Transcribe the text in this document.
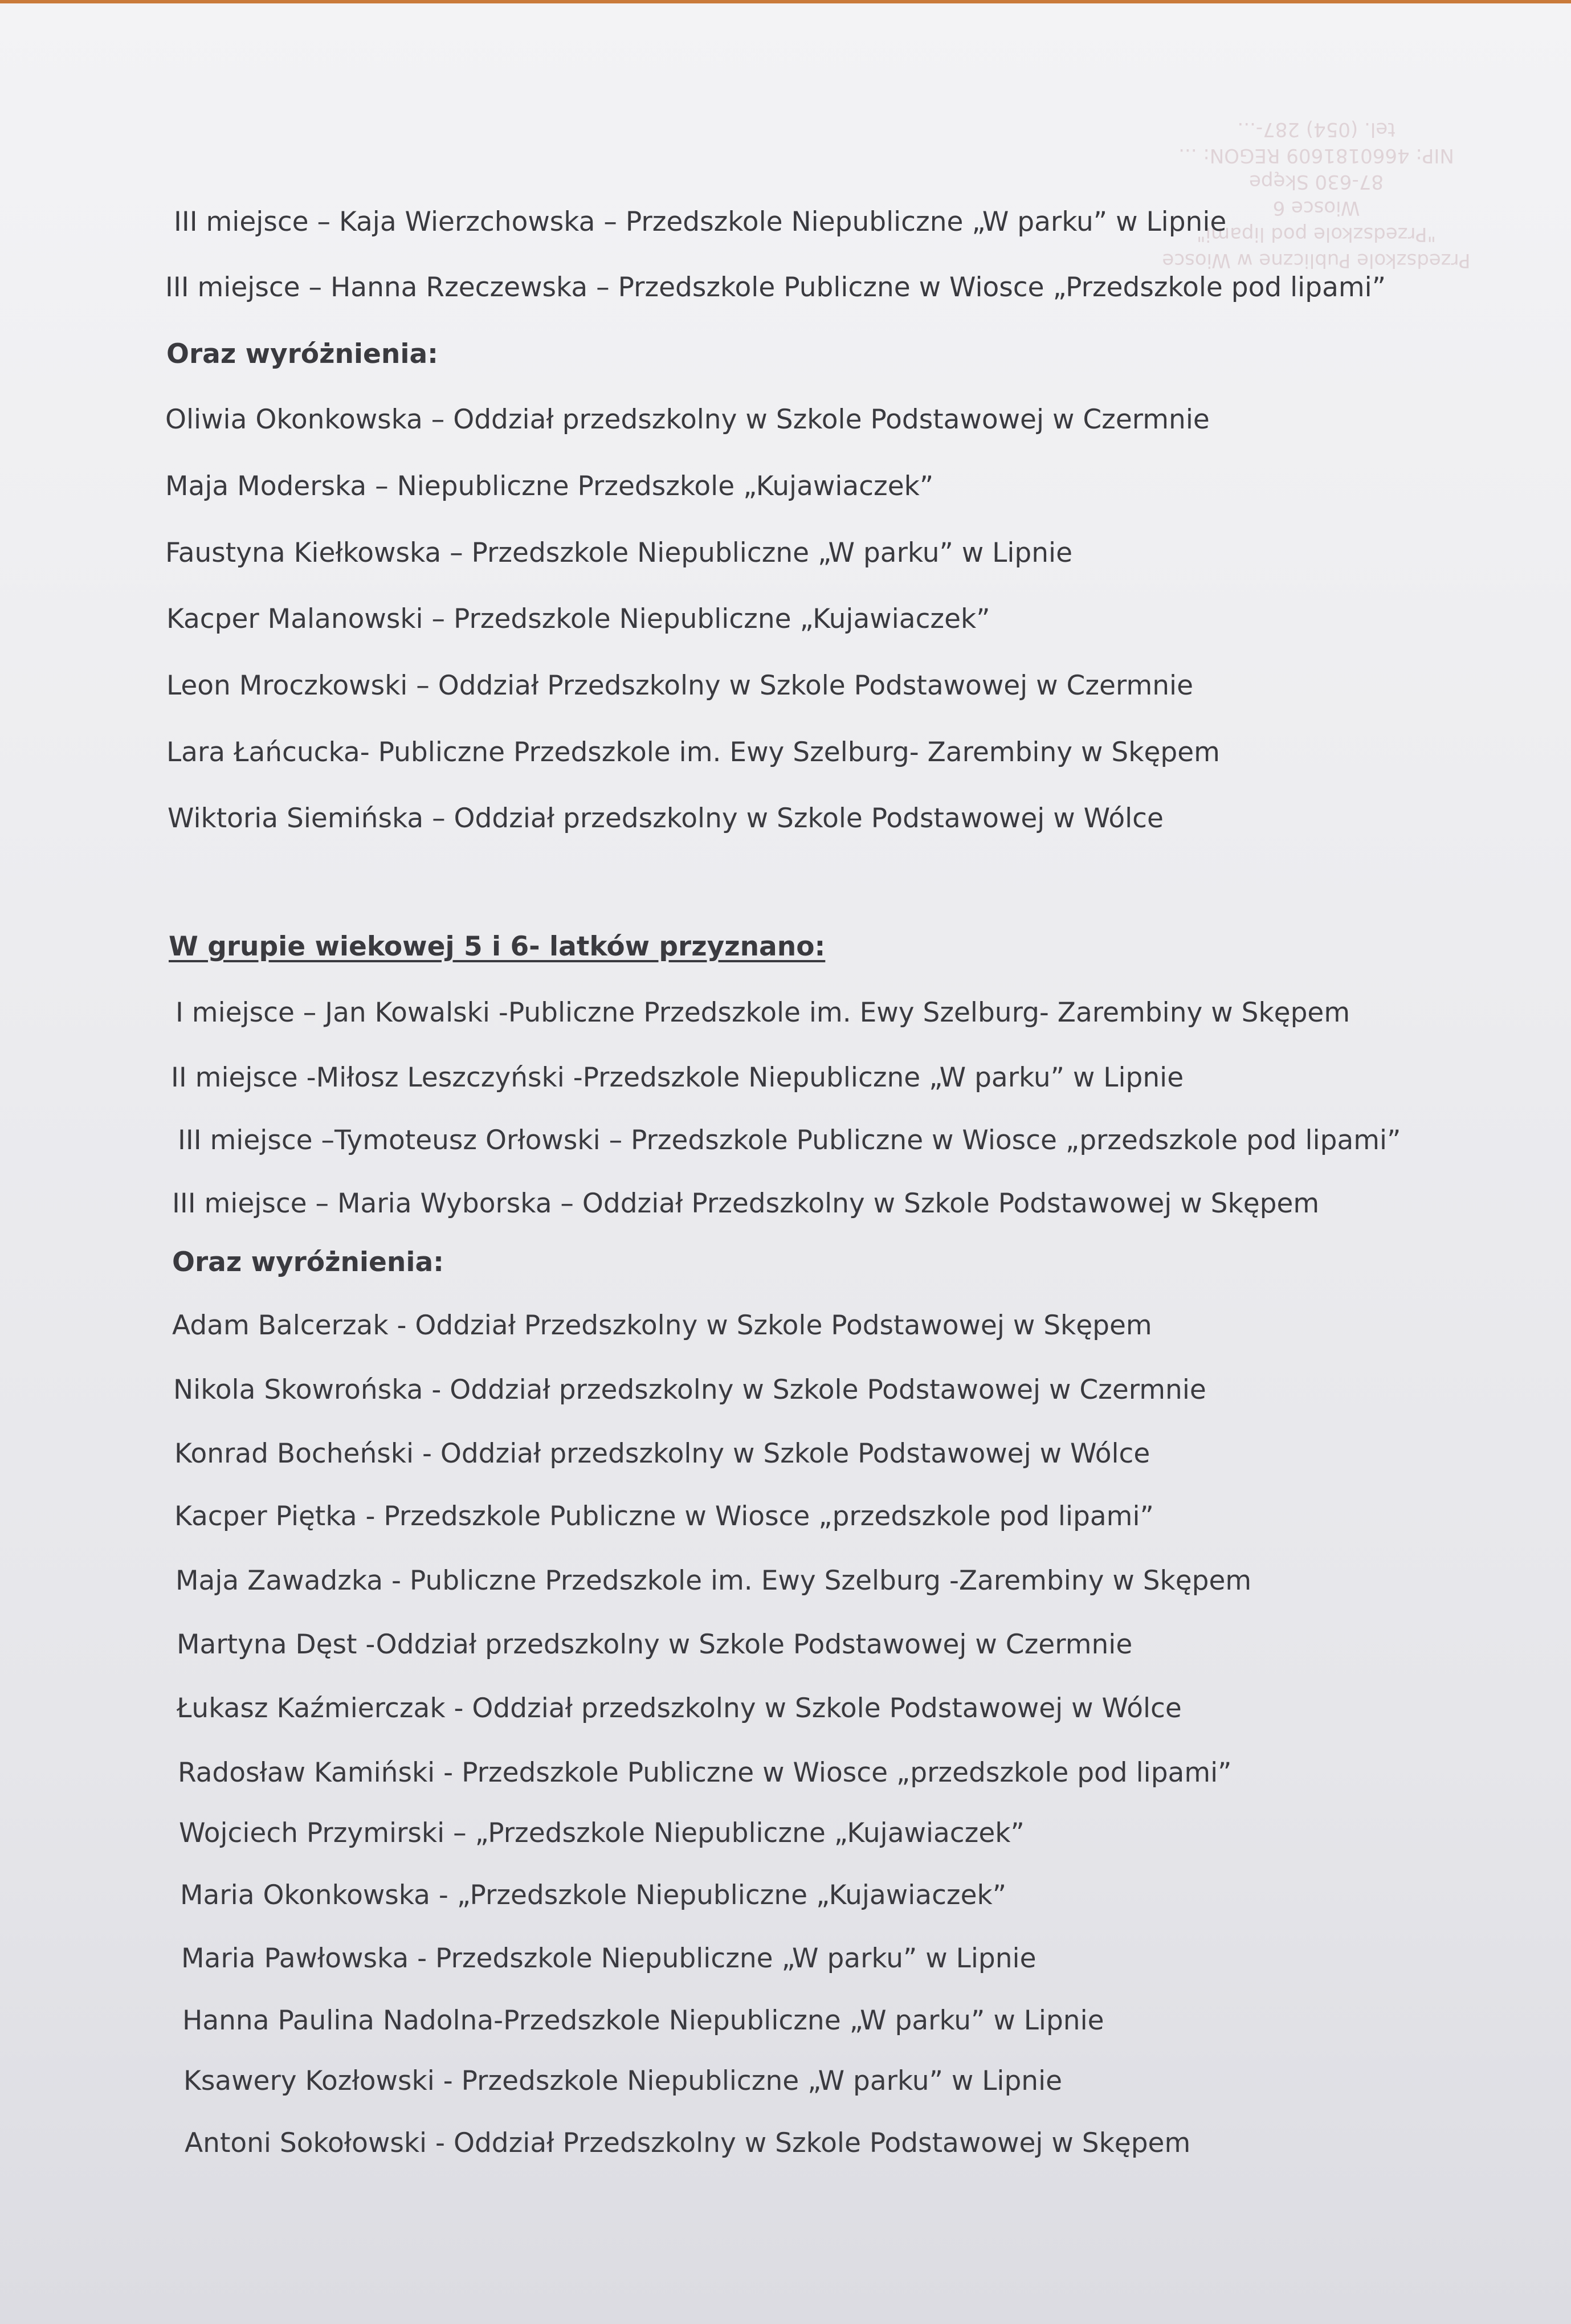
Przedszkole Publiczne w Wiosce
"Przedszkole pod lipami"
Wiosce 6
87-630 Skępe
NIP: 4660181609 REGON: ...
tel. (054) 287-...
III miejsce – Kaja Wierzchowska – Przedszkole Niepubliczne „W parku” w Lipnie
III miejsce – Hanna Rzeczewska – Przedszkole Publiczne w Wiosce „Przedszkole pod lipami”
Oraz wyróżnienia:
Oliwia Okonkowska – Oddział przedszkolny w Szkole Podstawowej w Czermnie
Maja Moderska – Niepubliczne Przedszkole „Kujawiaczek”
Faustyna Kiełkowska – Przedszkole Niepubliczne „W parku” w Lipnie
Kacper Malanowski – Przedszkole Niepubliczne „Kujawiaczek”
Leon Mroczkowski – Oddział Przedszkolny w Szkole Podstawowej w Czermnie
Lara Łańcucka- Publiczne Przedszkole im. Ewy Szelburg- Zarembiny w Skępem
Wiktoria Siemińska – Oddział przedszkolny w Szkole Podstawowej w Wólce
W grupie wiekowej 5 i 6- latków przyznano:
I miejsce – Jan Kowalski -Publiczne Przedszkole im. Ewy Szelburg- Zarembiny w Skępem
II miejsce -Miłosz Leszczyński -Przedszkole Niepubliczne „W parku” w Lipnie
III miejsce –Tymoteusz Orłowski – Przedszkole Publiczne w Wiosce „przedszkole pod lipami”
III miejsce – Maria Wyborska – Oddział Przedszkolny w Szkole Podstawowej w Skępem
Oraz wyróżnienia:
Adam Balcerzak - Oddział Przedszkolny w Szkole Podstawowej w Skępem
Nikola Skowrońska - Oddział przedszkolny w Szkole Podstawowej w Czermnie
Konrad Bocheński - Oddział przedszkolny w Szkole Podstawowej w Wólce
Kacper Piętka - Przedszkole Publiczne w Wiosce „przedszkole pod lipami”
Maja Zawadzka - Publiczne Przedszkole im. Ewy Szelburg -Zarembiny w Skępem
Martyna Dęst -Oddział przedszkolny w Szkole Podstawowej w Czermnie
Łukasz Kaźmierczak - Oddział przedszkolny w Szkole Podstawowej w Wólce
Radosław Kamiński - Przedszkole Publiczne w Wiosce „przedszkole pod lipami”
Wojciech Przymirski – „Przedszkole Niepubliczne „Kujawiaczek”
Maria Okonkowska - „Przedszkole Niepubliczne „Kujawiaczek”
Maria Pawłowska - Przedszkole Niepubliczne „W parku” w Lipnie
Hanna Paulina Nadolna-Przedszkole Niepubliczne „W parku” w Lipnie
Ksawery Kozłowski - Przedszkole Niepubliczne „W parku” w Lipnie
Antoni Sokołowski - Oddział Przedszkolny w Szkole Podstawowej w Skępem
